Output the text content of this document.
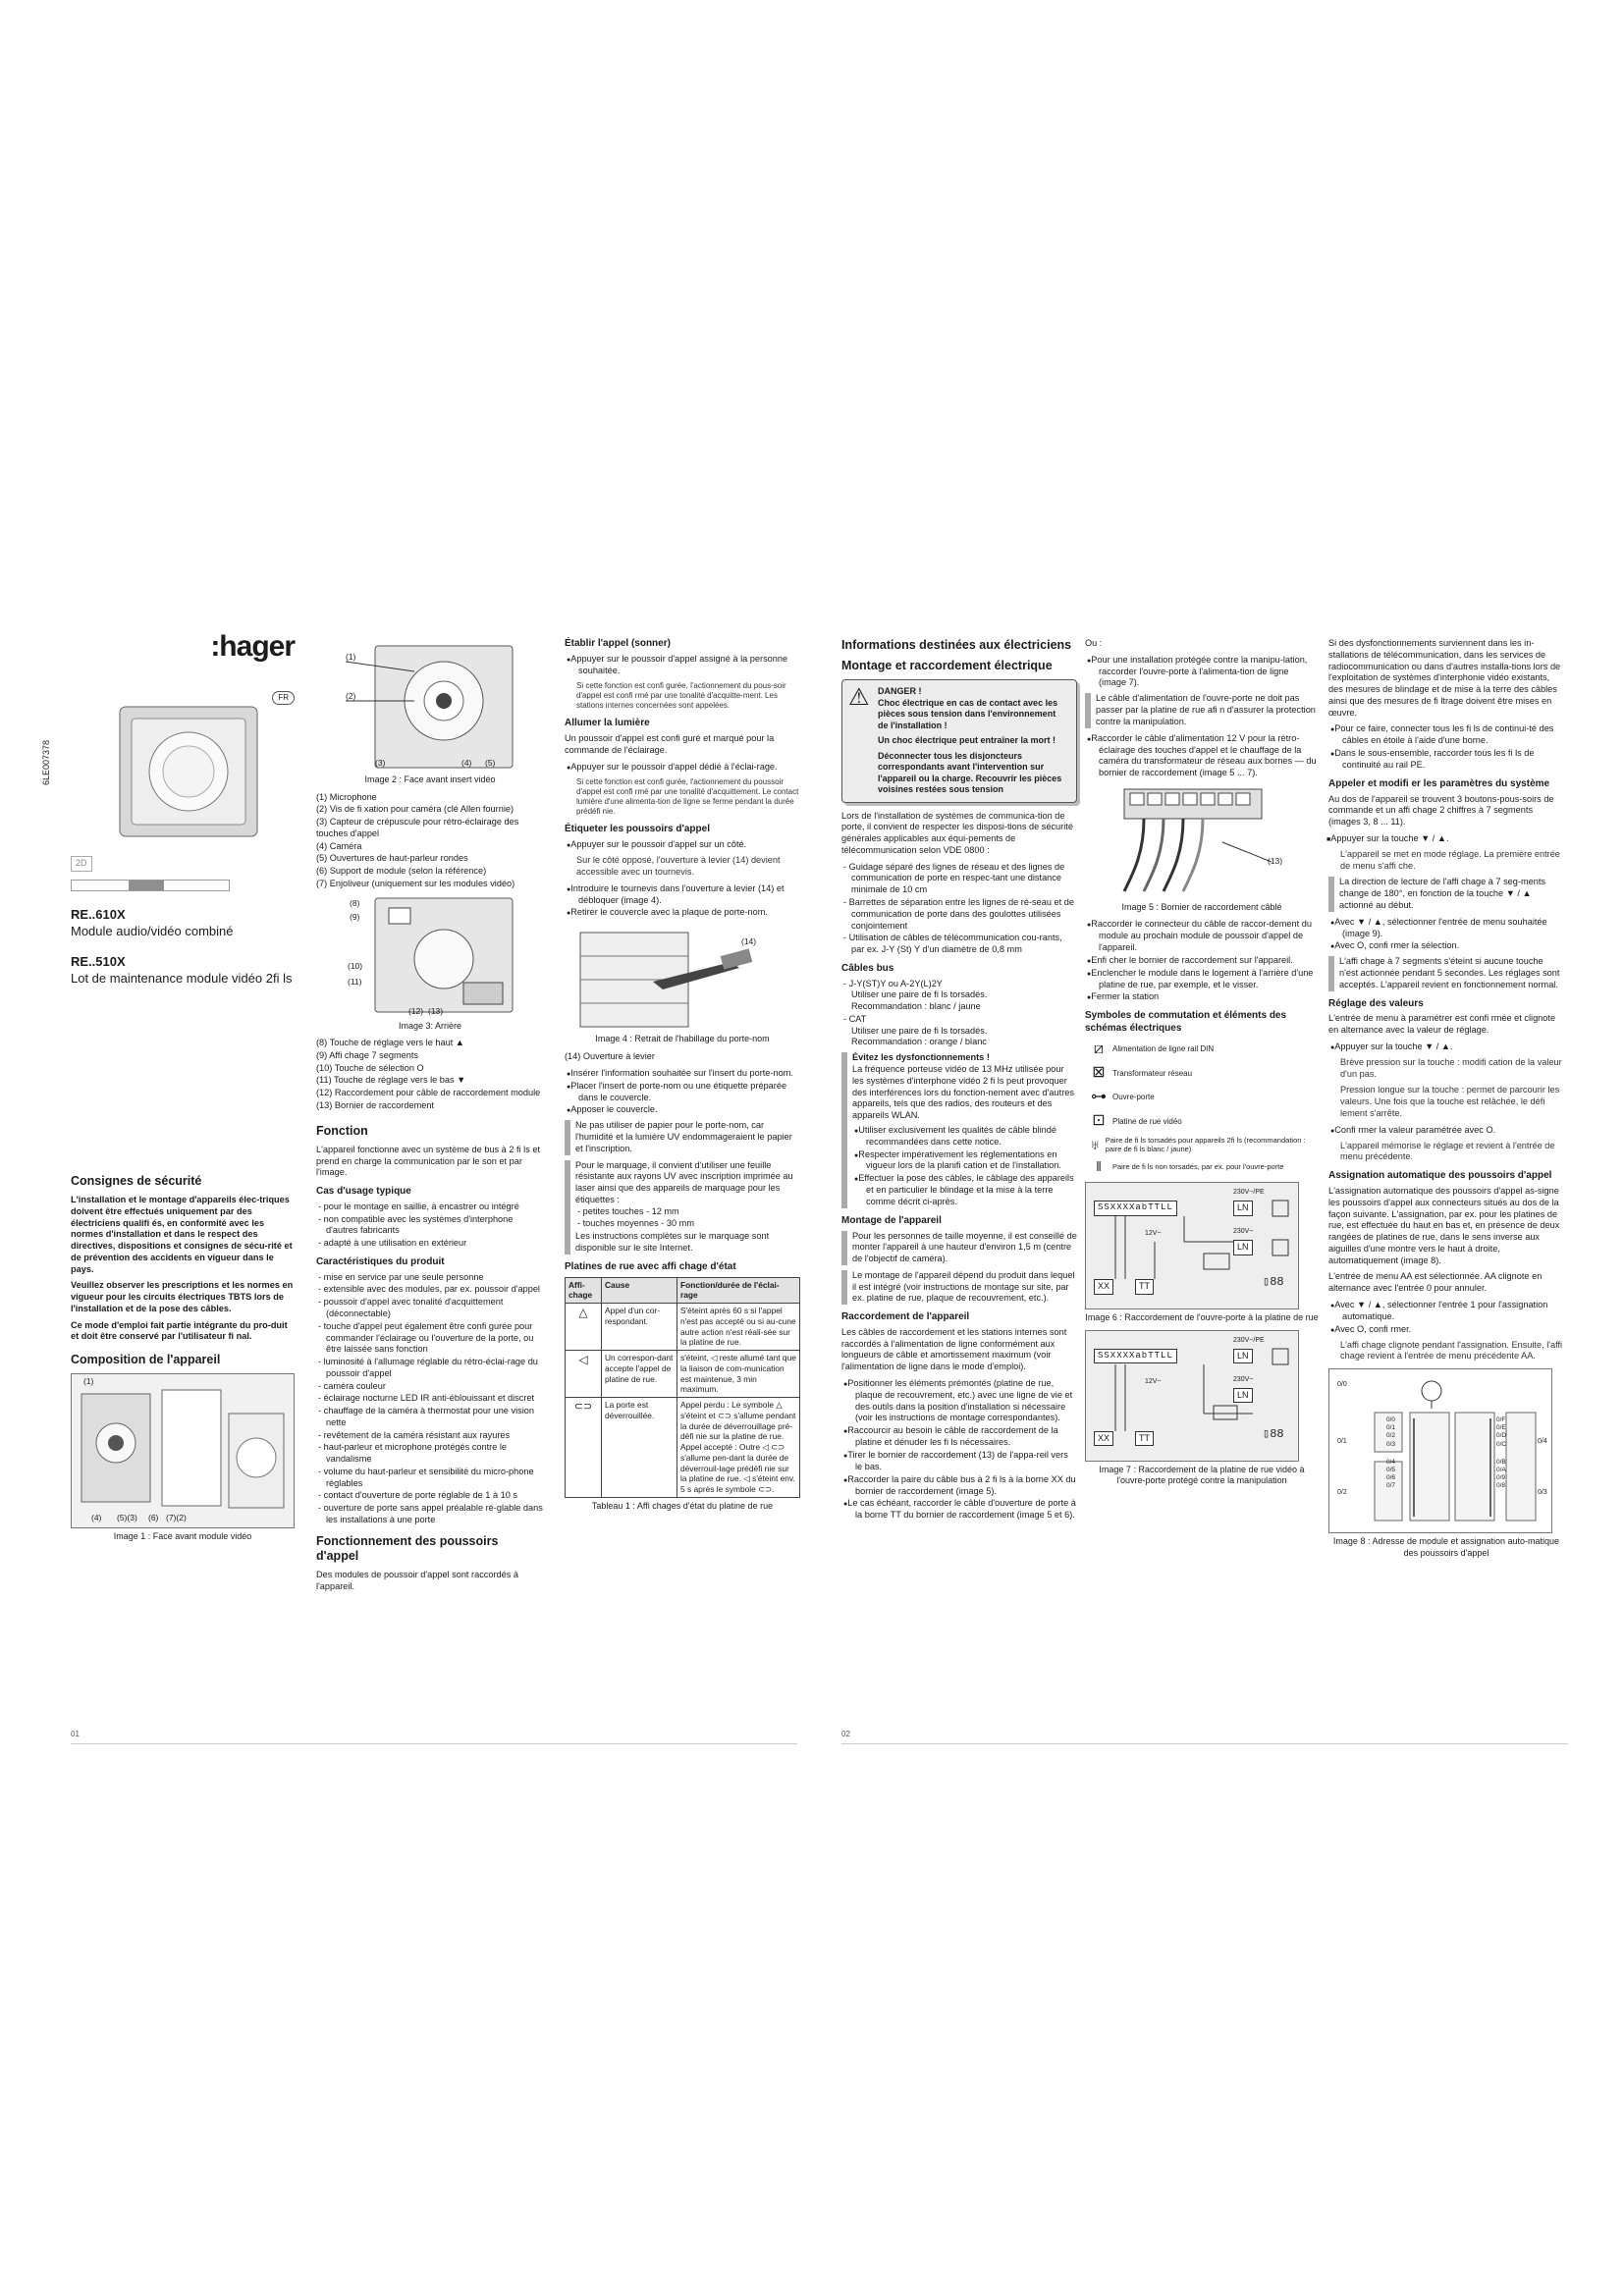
:hager
FR
6LE007378
2D
RE..610X
Module audio/vidéo combiné
RE..510X
Lot de maintenance module vidéo 2fi ls
Consignes de sécurité

L'installation et le montage d'appareils élec-triques doivent être effectués uniquement par des électriciens qualifi és, en conformité avec les normes d'installation et dans le respect des directives, dispositions et consignes de sécu-rité et de prévention des accidents en vigueur dans le pays.

Veuillez observer les prescriptions et les normes en vigueur pour les circuits électriques TBTS lors de l'installation et de la pose des câbles.

Ce mode d'emploi fait partie intégrante du pro-duit et doit être conservé par l'utilisateur fi nal.

Composition de l'appareil
(1)
(4) (5)(3) (6) (7)(2)
Image 1 : Face avant module vidéo
(1)
(2)
(3)	(4) (5)
Image 2 : Face avant insert vidéo
(1) Microphone
(2) Vis de fi xation pour caméra (clé Allen fournie)
(3) Capteur de crépuscule pour rétro-éclairage des touches d'appel
(4) Caméra
(5) Ouvertures de haut-parleur rondes
(6) Support de module (selon la référence)
(7) Enjoliveur (uniquement sur les modules vidéo)
(8)
(9)
(10)
(11)
(12) (13)
Image 3: Arrière
(8) Touche de réglage vers le haut ▲
(9) Affi chage 7 segments
(10) Touche de sélection O
(11) Touche de réglage vers le bas ▼
(12) Raccordement pour câble de raccordement module
(13) Bornier de raccordement
Fonction

L'appareil fonctionne avec un système de bus à 2 fi ls et prend en charge la communication par le son et par l'image.

Cas d'usage typique
- pour le montage en saillie, à encastrer ou intégré
- non compatible avec les systèmes d'interphone d'autres fabricants
- adapté à une utilisation en extérieur
Caractéristiques du produit
- mise en service par une seule personne
- extensible avec des modules, par ex. poussoir d'appel
- poussoir d'appel avec tonalité d'acquittement (déconnectable)
- touche d'appel peut également être confi gurée pour commander l'éclairage ou l'ouverture de la porte, ou être laissée sans fonction
- luminosité à l'allumage réglable du rétro-éclai-rage du poussoir d'appel
- caméra couleur
- éclairage nocturne LED IR anti-éblouissant et discret
- chauffage de la caméra à thermostat pour une vision nette
- revêtement de la caméra résistant aux rayures
- haut-parleur et microphone protégés contre le vandalisme
- volume du haut-parleur et sensibilité du micro-phone réglables
- contact d'ouverture de porte réglable de 1 à 10 s
- ouverture de porte sans appel préalable ré-glable dans les installations à une porte
Fonctionnement des poussoirs d'appel

Des modules de poussoir d'appel sont raccordés à l'appareil.

Établir l'appel (sonner)
● Appuyer sur le poussoir d'appel assigné à la personne souhaitée.

Si cette fonction est confi gurée, l'actionnement du pous-soir d'appel est confi rmé par une tonalité d'acquitte-ment. Les stations internes concernées sont appelées.

Allumer la lumière

Un poussoir d'appel est confi guré et marqué pour la commande de l'éclairage.

● Appuyer sur le poussoir d'appel dédié à l'éclai-rage.

Si cette fonction est confi gurée, l'actionnement du poussoir d'appel est confi rmé par une tonalité d'acquittement. Le contact lumière d'une alimenta-tion de ligne se ferme pendant la durée prédéfi nie.

Étiqueter les poussoirs d'appel
● Appuyer sur le poussoir d'appel sur un côté.

Sur le côté opposé, l'ouverture à levier (14) devient accessible avec un tournevis.

● Introduire le tournevis dans l'ouverture à levier (14) et débloquer (image 4).
● Retirer le couvercle avec la plaque de porte-nom.
(14)
Image 4 : Retrait de l'habillage du porte-nom

(14) Ouverture à levier

● Insérer l'information souhaitée sur l'insert du porte-nom.
● Placer l'insert de porte-nom ou une étiquette préparée dans le couvercle.
● Apposer le couvercle.
Ne pas utiliser de papier pour le porte-nom, car l'humidité et la lumière UV endommageraient le papier et l'inscription.
Pour le marquage, il convient d'utiliser une feuille résistante aux rayons UV avec inscription imprimée au laser ainsi que des appareils de marquage pour les étiquettes :
- petites touches - 12 mm
- touches moyennes - 30 mm
Les instructions complètes sur le marquage sont disponible sur le site Internet.
Platines de rue avec affi chage d'état
Affi-chage	Cause	Fonction/durée de l'éclai-rage
△	Appel d'un cor-respondant.	S'éteint après 60 s si l'appel n'est pas accepté ou si au-cune autre action n'est réali-sée sur la platine de rue.
◁	Un correspon-dant accepte l'appel de platine de rue.	s'éteint, ◁ reste allumé tant que la liaison de com-munication est maintenue, 3 min maximum.
⊂⊃	La porte est déverrouillée.	Appel perdu : Le symbole △ s'éteint et ⊂⊃ s'allume pendant la durée de déverrouillage pré-défi nie sur la platine de rue. Appel accepté : Outre ◁ ⊂⊃ s'allume pen-dant la durée de déverrouil-lage prédéfi nie sur la platine de rue. ◁ s'éteint env. 5 s après le symbole ⊂⊃.
Tableau 1 : Affi chages d'état du platine de rue
01
Informations destinées aux électriciens
Montage et raccordement électrique
⚠ DANGER !
Choc électrique en cas de contact avec les pièces sous tension dans l'environnement de l'installation !
Un choc électrique peut entraîner la mort !
Déconnecter tous les disjoncteurs correspondants avant l'intervention sur l'appareil ou la charge. Recouvrir les pièces voisines restées sous tension

Lors de l'installation de systèmes de communica-tion de porte, il convient de respecter les disposi-tions de sécurité générales applicables aux équi-pements de télécommunication selon VDE 0800 :

- Guidage séparé des lignes de réseau et des lignes de communication de porte en respec-tant une distance minimale de 10 cm
- Barrettes de séparation entre les lignes de ré-seau et de communication de porte dans des goulottes utilisées conjointement
- Utilisation de câbles de télécommunication cou-rants, par ex. J-Y (St) Y d'un diamètre de 0,8 mm
Câbles bus
- J-Y(ST)Y ou A-2Y(L)2Y
Utiliser une paire de fi ls torsadés.
Recommandation : blanc / jaune
- CAT
Utiliser une paire de fi ls torsadés.
Recommandation : orange / blanc
Évitez les dysfonctionnements !
La fréquence porteuse vidéo de 13 MHz utilisée pour les systèmes d'interphone vidéo 2 fi ls peut provoquer des interférences lors du fonction-nement avec d'autres appareils, tels que des radios, des routeurs et des appareils WLAN.
● Utiliser exclusivement les qualités de câble blindé recommandées dans cette notice.
● Respecter impérativement les réglementations en vigueur lors de la planifi cation et de l'installation.
● Effectuer la pose des câbles, le câblage des appareils et en particulier le blindage et la mise à la terre comme décrit ci-après.
Montage de l'appareil
Pour les personnes de taille moyenne, il est conseillé de monter l'appareil à une hauteur d'environ 1,5 m (centre de l'objectif de caméra).
Le montage de l'appareil dépend du produit dans lequel il est intégré (voir instructions de montage sur site, par ex. platine de rue, plaque de recouvrement, etc.).
Raccordement de l'appareil

Les câbles de raccordement et les stations internes sont raccordés à l'alimentation de ligne conformément aux longueurs de câble et amortissement maximum (voir l'alimentation de ligne dans le mode d'emploi).

● Positionner les éléments prémontés (platine de rue, plaque de recouvrement, etc.) avec une ligne de vie et des outils dans la position d'installation si nécessaire (voir les instructions de montage correspondantes).
● Raccourcir au besoin le câble de raccordement de la platine et dénuder les fi ls nécessaires.
● Tirer le bornier de raccordement (13) de l'appa-reil vers le bas.
● Raccorder la paire du câble bus à 2 fi ls à la borne XX du bornier de raccordement (image 5).
● Le cas échéant, raccorder le câble d'ouverture de porte à la borne TT du bornier de raccordement (image 5 et 6).

Ou :

● Pour une installation protégée contre la manipu-lation, raccorder l'ouvre-porte à l'alimenta-tion de ligne (image 7).
Le câble d'alimentation de l'ouvre-porte ne doit pas passer par la platine de rue afi n d'assurer la protection contre la manipulation.
● Raccorder le câble d'alimentation 12 V pour la rétro-éclairage des touches d'appel et le chauffage de la caméra du transformateur de réseau aux bornes — du bornier de raccordement (image 5 ... 7).
(13)
Image 5 : Bornier de raccordement câblé
● Raccorder le connecteur du câble de raccor-dement du module au prochain module de poussoir d'appel de l'appareil.
● Enfi cher le bornier de raccordement sur l'appareil.
● Enclencher le module dans le logement à l'arrière d'une platine de rue, par exemple, et le visser.
● Fermer la station
Symboles de commutation et éléments des schémas électriques
⧄	Alimentation de ligne rail DIN
⊠ Transformateur réseau
⊶ Ouvre-porte
⊡ Platine de rue vidéo
♅ Paire de fi ls torsadés pour appareils 2fi ls (recommandation : paire de fi ls blanc / jaune)
‖	Paire de fi ls non torsadés, par ex. pour l'ouvre-porte
SSXXXXabTTLL
230V~/PE
LN
12V~	230V~
LN
XX	TT	▯88
Image 6 : Raccordement de l'ouvre-porte à la platine de rue
SSXXXXabTTLL
230V~/PE
LN
12V~	230V~
LN
XX	TT	▯88
Image 7 : Raccordement de la platine de rue vidéo à l'ouvre-porte protégé contre la manipulation

Si des dysfonctionnements surviennent dans les in-stallations de télécommunication, dans les services de radiocommunication ou dans d'autres installa-tions lors de l'exploitation de systèmes d'interphonie vidéo existants, des mesures de blindage et de mise à la terre des câbles ainsi que des mesures de fi ltrage doivent être mises en œuvre.

● Pour ce faire, connecter tous les fi ls de continui-té des câbles en étoile à l'aide d'une borne.
● Dans le sous-ensemble, raccorder tous les fi ls de continuité au rail PE.
Appeler et modifi er les paramètres du système

Au dos de l'appareil se trouvent 3 boutons-pous-soirs de commande et un affi chage 2 chiffres à 7 segments (images 3, 8 ... 11).

■ Appuyer sur la touche ▼ / ▲.

L'appareil se met en mode réglage. La première entrée de menu s'affi che.

La direction de lecture de l'affi chage à 7 seg-ments change de 180°, en fonction de la touche ▼ / ▲ actionné au début.
● Avec ▼ / ▲, sélectionner l'entrée de menu souhaitée (image 9).
● Avec O, confi rmer la sélection.
L'affi chage à 7 segments s'éteint si aucune touche n'est actionnée pendant 5 secondes. Les réglages sont acceptés. L'appareil revient en fonctionnement normal.
Réglage des valeurs

L'entrée de menu à paramétrer est confi rmée et clignote en alternance avec la valeur de réglage.

● Appuyer sur la touche ▼ / ▲.

Brève pression sur la touche : modifi cation de la valeur d'un pas.

Pression longue sur la touche : permet de parcourir les valeurs. Une fois que la touche est relâchée, le défi lement s'arrête.

● Confi rmer la valeur paramétrée avec O.

L'appareil mémorise le réglage et revient à l'entrée de menu précédente.

Assignation automatique des poussoirs d'appel

L'assignation automatique des poussoirs d'appel as-signe les poussoirs d'appel aux connecteurs situés au dos de la façon suivante. L'assignation, par ex. pour les platines de rue, est effectuée du haut en bas et, en présence de deux rangées de platines de rue, dans le sens inverse aux aiguilles d'une montre vers le haut à droite, automatiquement (image 8).

L'entrée de menu AA est sélectionnée. AA clignote en alternance avec l'entrée 0 pour annuler.

● Avec ▼ / ▲, sélectionner l'entrée 1 pour l'assignation automatique.
● Avec O, confi rmer.

L'affi chage clignote pendant l'assignation. Ensuite, l'affi chage revient à l'entrée de menu précédente AA.

0/0
0/1
0/2
0/0
0/1
0/2
0/3
0/4
0/5
0/6
0/7
0/F
0/E
0/D
0/C
0/B
0/A
0/9
0/8
0/4
0/3
Image 8 : Adresse de module et assignation auto-matique des poussoirs d'appel
02
